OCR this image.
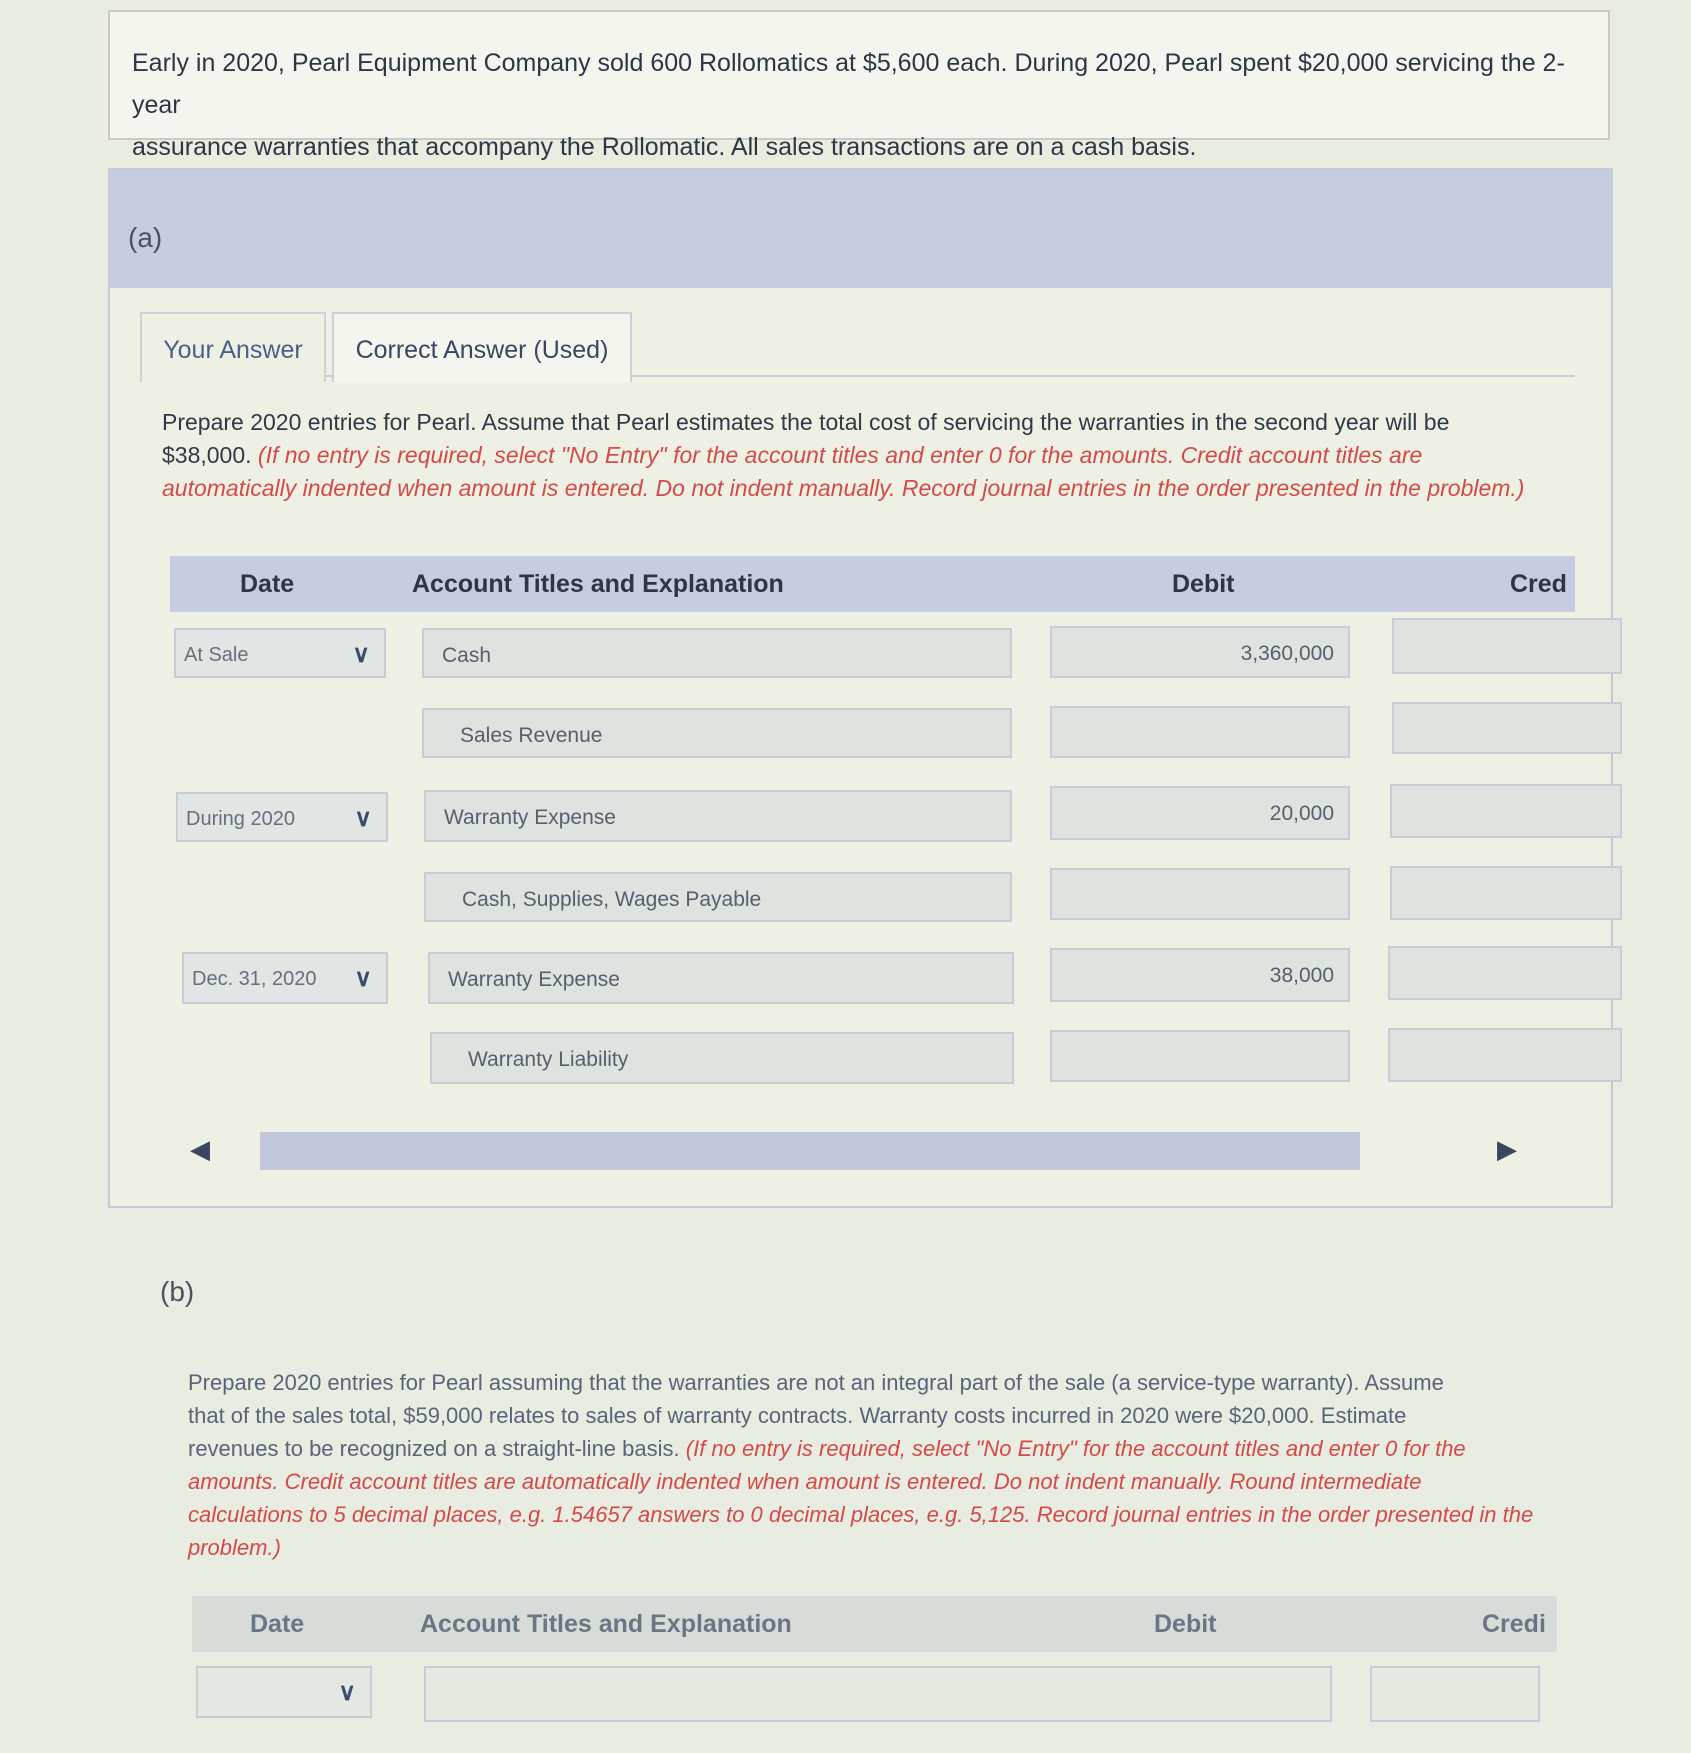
Early in 2020, Pearl Equipment Company sold 600 Rollomatics at $5,600 each. During 2020, Pearl spent $20,000 servicing the 2-year
assurance warranties that accompany the Rollomatic. All sales transactions are on a cash basis.
(a)
Your Answer	Correct Answer (Used)
Prepare 2020 entries for Pearl. Assume that Pearl estimates the total cost of servicing the warranties in the second year will be
$38,000. (If no entry is required, select "No Entry" for the account titles and enter 0 for the amounts. Credit account titles are
automatically indented when amount is entered. Do not indent manually. Record journal entries in the order presented in the problem.)
Date	Account Titles and Explanation	Debit	Cred
At Sale	∨	Cash	3,360,000
Sales Revenue
During 2020 ∨	Warranty Expense	20,000
Cash, Supplies, Wages Payable
Dec. 31, 2020 ∨	Warranty Expense	38,000
Warranty Liability
◀	▶
(b)
Prepare 2020 entries for Pearl assuming that the warranties are not an integral part of the sale (a service-type warranty). Assume
that of the sales total, $59,000 relates to sales of warranty contracts. Warranty costs incurred in 2020 were $20,000. Estimate
revenues to be recognized on a straight-line basis. (If no entry is required, select "No Entry" for the account titles and enter 0 for the
amounts. Credit account titles are automatically indented when amount is entered. Do not indent manually. Round intermediate
calculations to 5 decimal places, e.g. 1.54657 answers to 0 decimal places, e.g. 5,125. Record journal entries in the order presented in the
problem.)
Date	Account Titles and Explanation	Debit	Credi
∨
